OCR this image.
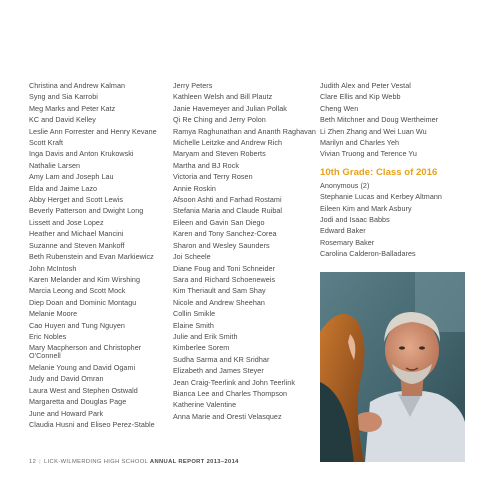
Christina and Andrew Kalman
Syng and Sia Karrobi
Meg Marks and Peter Katz
KC and David Kelley
Leslie Ann Forrester and Henry Kevane
Scott Kraft
Inga Davis and Anton Krukowski
Nathalie Larsen
Amy Lam and Joseph Lau
Elda and Jaime Lazo
Abby Herget and Scott Lewis
Beverly Patterson and Dwight Long
Lissett and Jose Lopez
Heather and Michael Mancini
Suzanne and Steven Mankoff
Beth Rubenstein and Evan Markiewicz
John McIntosh
Karen Melander and Kim Wirshing
Marcia Leong and Scott Mock
Diep Doan and Dominic Montagu
Melanie Moore
Cao Huyen and Tung Nguyen
Eric Nobles
Mary Macpherson and Christopher O'Connell
Melanie Young and David Ogami
Judy and David Omran
Laura West and Stephen Ostwald
Margaretta and Douglas Page
June and Howard Park
Claudia Husni and Eliseo Perez-Stable
Jerry Peters
Kathleen Welsh and Bill Plautz
Janie Havemeyer and Julian Pollak
Qi Re Ching and Jerry Polon
Ramya Raghunathan and Ananth Raghavan
Michelle Leitzke and Andrew Rich
Maryam and Steven Roberts
Martha and BJ Rock
Victoria and Terry Rosen
Annie Roskin
Afsoon Ashti and Farhad Rostami
Stefania Maria and Claude Ruibal
Eileen and Gavin San Diego
Karen and Tony Sanchez-Corea
Sharon and Wesley Saunders
Joi Scheele
Diane Foug and Toni Schneider
Sara and Richard Schoeneweis
Kim Theriault and Sam Shay
Nicole and Andrew Sheehan
Collin Smikle
Elaine Smith
Julie and Erik Smith
Kimberlee Sorem
Sudha Sarma and KR Sridhar
Elizabeth and James Steyer
Jean Craig-Teerlink and John Teerlink
Bianca Lee and Charles Thompson
Katherine Valentine
Anna Marie and Oresti Velasquez
Judith Alex and Peter Vestal
Clare Ellis and Kip Webb
Cheng Wen
Beth Mitchner and Doug Wertheimer
Li Zhen Zhang and Wei Luan Wu
Marilyn and Charles Yeh
Vivian Truong and Terence Yu
10th Grade: Class of 2016
Anonymous (2)
Stephanie Lucas and Kerbey Altmann
Eileen Kim and Mark Asbury
Jodi and Isaac Babbs
Edward Baker
Rosemary Baker
Carolina Calderon-Balladares
12 | LICK-WILMERDING HIGH SCHOOL ANNUAL REPORT 2013–2014
